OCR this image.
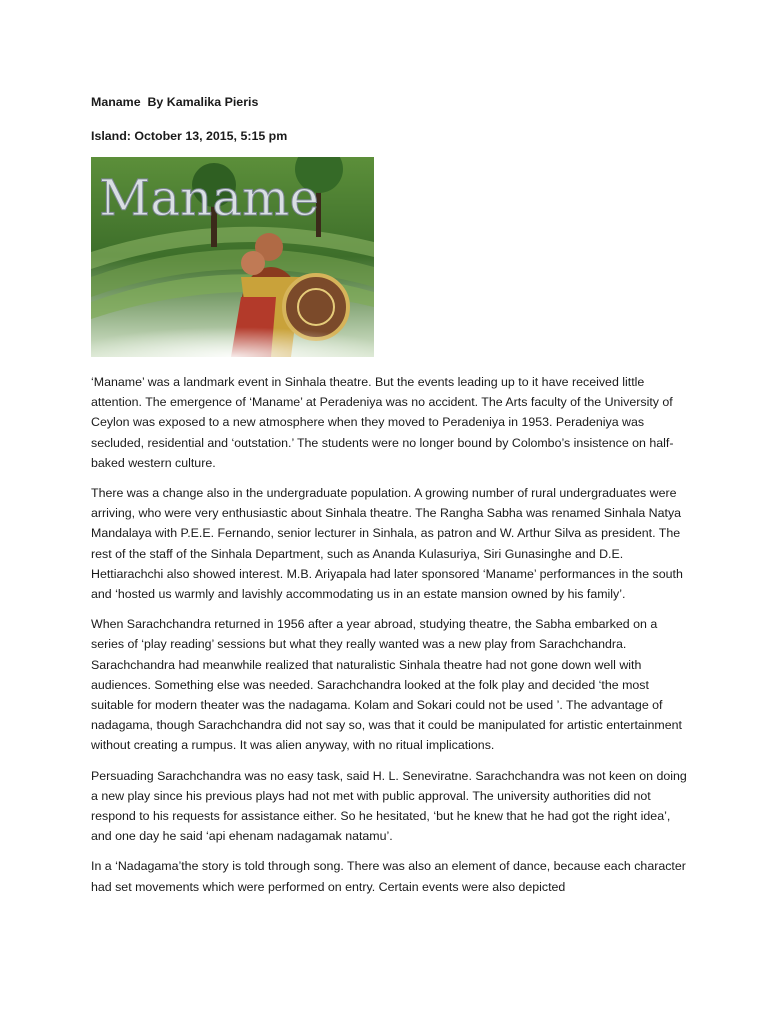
Maname  By Kamalika Pieris

Island: October 13, 2015, 5:15 pm

Maname

‘Maname’ was a landmark event in Sinhala theatre. But the events leading up to it have received little attention. The emergence of ‘Maname’ at Peradeniya was no accident. The Arts faculty of the University of Ceylon was exposed to a new atmosphere when they moved to Peradeniya in 1953. Peradeniya was secluded, residential and ‘outstation.’ The students were no longer bound by Colombo’s insistence on half-baked western culture.

There was a change also in the undergraduate population. A growing number of rural undergraduates were arriving, who were very enthusiastic about Sinhala theatre. The Rangha Sabha was renamed Sinhala Natya Mandalaya with P.E.E. Fernando, senior lecturer in Sinhala, as patron and W. Arthur Silva as president. The rest of the staff of the Sinhala Department, such as Ananda Kulasuriya, Siri Gunasinghe and D.E. Hettiarachchi also showed interest. M.B. Ariyapala had later sponsored ‘Maname’ performances in the south and ‘hosted us warmly and lavishly accommodating us in an estate mansion owned by his family’.

When Sarachchandra returned in 1956 after a year abroad, studying theatre, the Sabha embarked on a series of ‘play reading’ sessions but what they really wanted was a new play from Sarachchandra. Sarachchandra had meanwhile realized that naturalistic Sinhala theatre had not gone down well with audiences. Something else was needed. Sarachchandra looked at the folk play and decided ‘the most suitable for modern theater was the nadagama. Kolam and Sokari could not be used ’. The advantage of nadagama, though Sarachchandra did not say so, was that it could be manipulated for artistic entertainment without creating a rumpus. It was alien anyway, with no ritual implications.

Persuading Sarachchandra was no easy task, said H. L. Seneviratne. Sarachchandra was not keen on doing a new play since his previous plays had not met with public approval. The university authorities did not respond to his requests for assistance either. So he hesitated, ‘but he knew that he had got the right idea’, and one day he said ‘api ehenam nadagamak natamu’.

In a ‘Nadagama’the story is told through song. There was also an element of dance, because each character had set movements which were performed on entry. Certain events were also depicted
